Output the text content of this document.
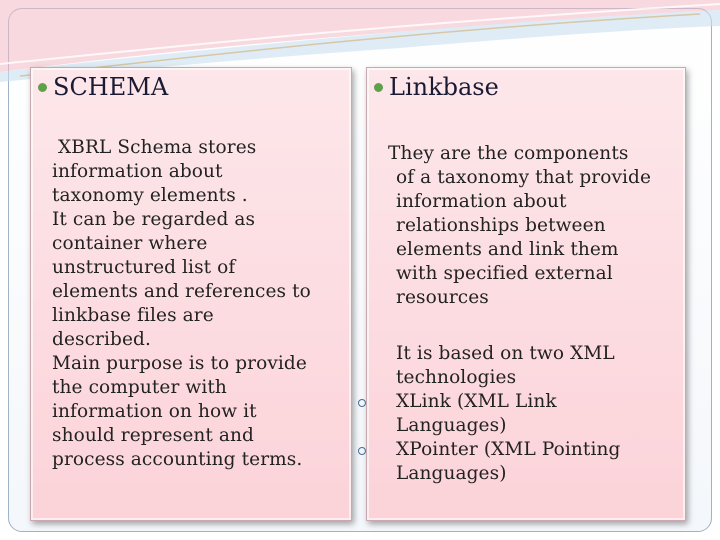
SCHEMA	Linkbase
XBRL Schema stores
information about
taxonomy elements .
It can be regarded as
container where
unstructured list of
elements and references to
linkbase files are
described.
Main purpose is to provide
the computer with
information on how it
should represent and
process accounting terms.
They are the components
of a taxonomy that provide
information about
relationships between
elements and link them
with specified external
resources
It is based on two XML
technologies
XLink (XML Link
Languages)
XPointer (XML Pointing
Languages)
